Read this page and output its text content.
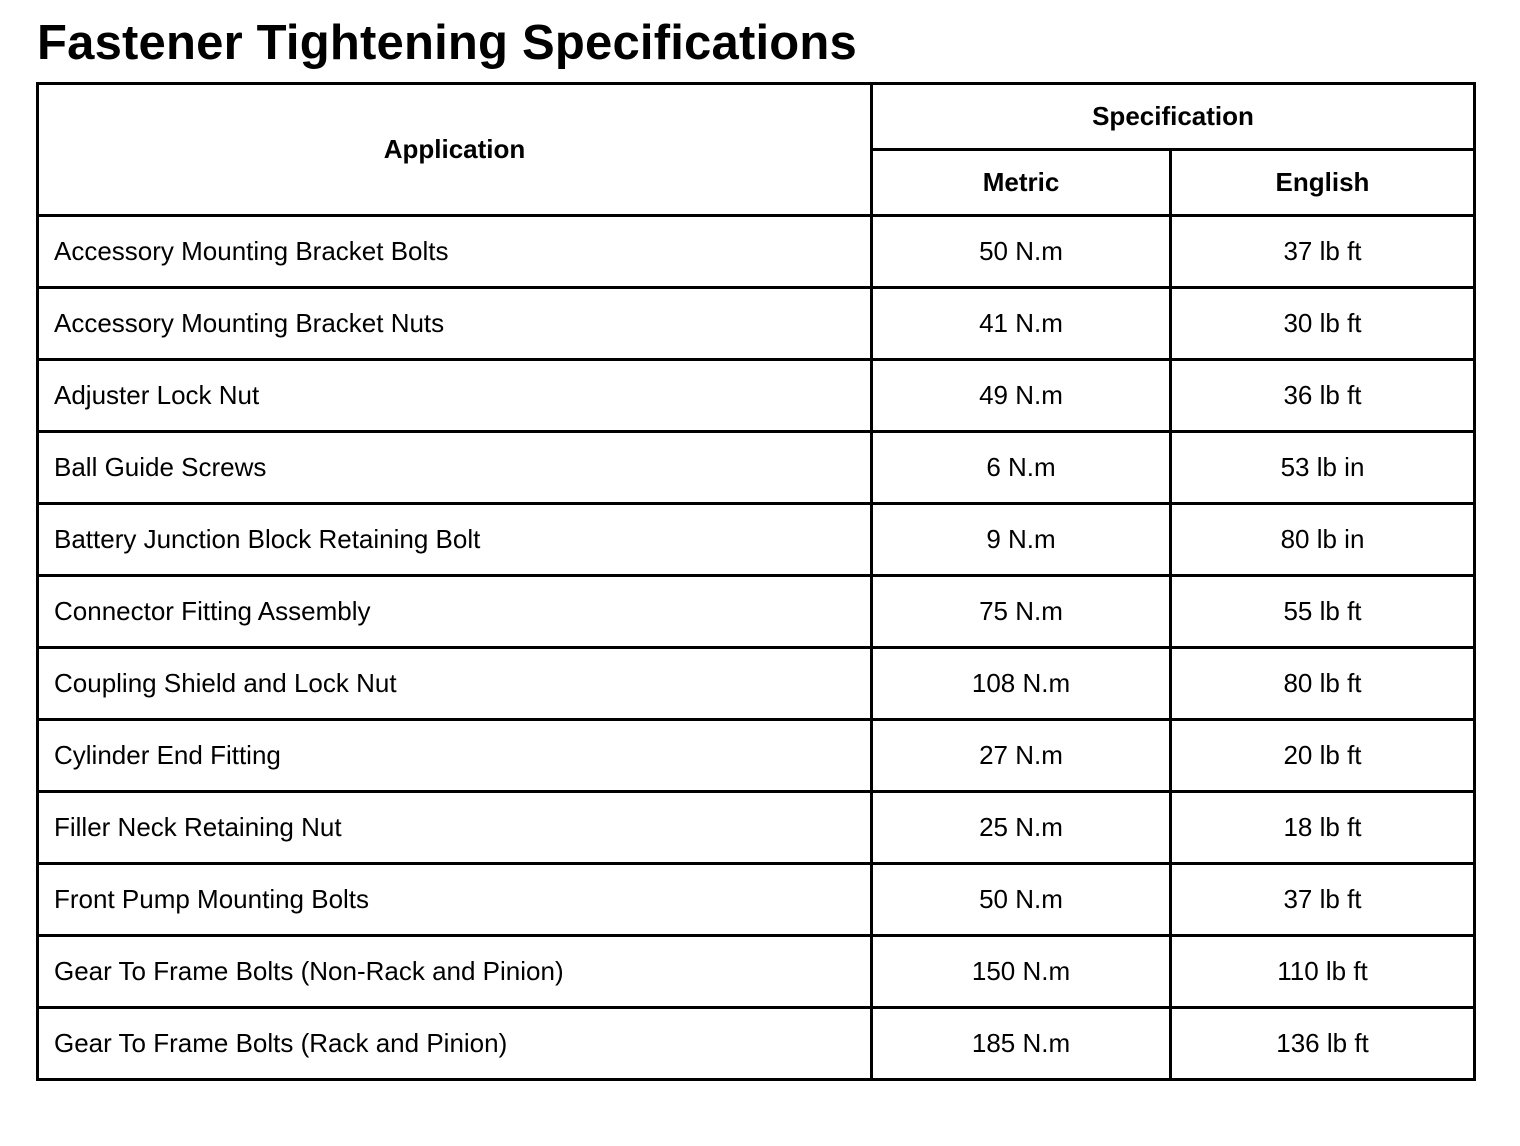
Fastener Tightening Specifications
Application	Specification	
	Metric	English
Accessory Mounting Bracket Bolts	50 N.m	37 lb ft
Accessory Mounting Bracket Nuts	41 N.m	30 lb ft
Adjuster Lock Nut	49 N.m	36 lb ft
Ball Guide Screws	6 N.m	53 lb in
Battery Junction Block Retaining Bolt	9 N.m	80 lb in
Connector Fitting Assembly	75 N.m	55 lb ft
Coupling Shield and Lock Nut	108 N.m	80 lb ft
Cylinder End Fitting	27 N.m	20 lb ft
Filler Neck Retaining Nut	25 N.m	18 lb ft
Front Pump Mounting Bolts	50 N.m	37 lb ft
Gear To Frame Bolts (Non-Rack and Pinion)	150 N.m	110 lb ft
Gear To Frame Bolts (Rack and Pinion)	185 N.m	136 lb ft
